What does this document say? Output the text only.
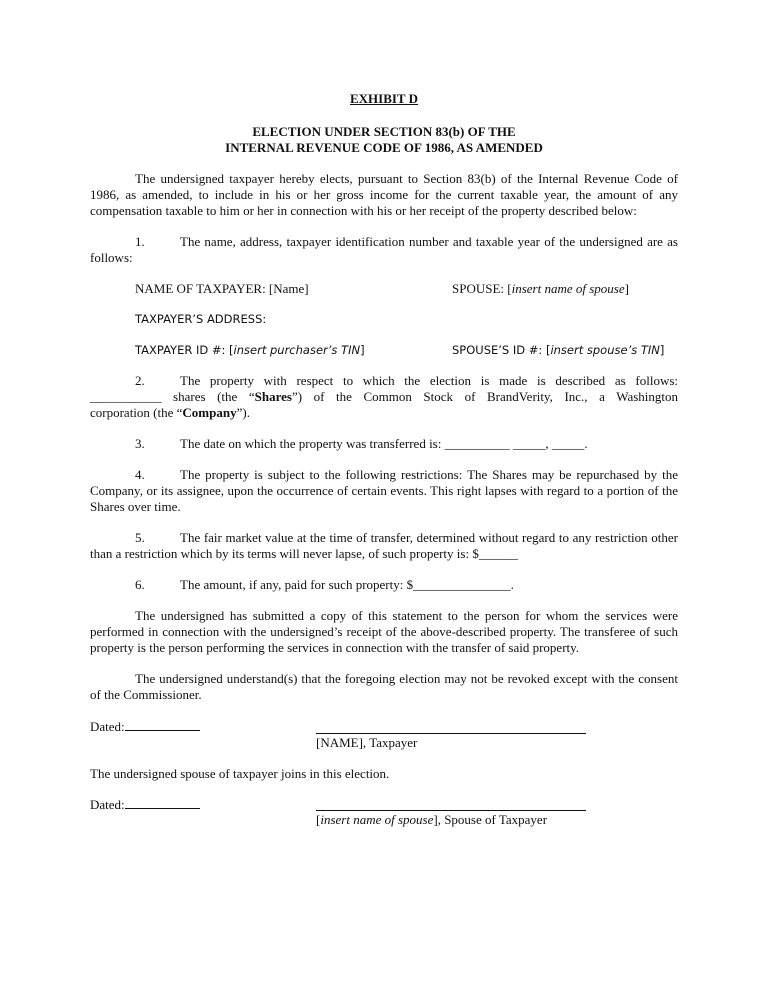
EXHIBIT D
ELECTION UNDER SECTION 83(b) OF THE
INTERNAL REVENUE CODE OF 1986, AS AMENDED
The undersigned taxpayer hereby elects, pursuant to Section 83(b) of the Internal Revenue Code of 1986, as amended, to include in his or her gross income for the current taxable year, the amount of any compensation taxable to him or her in connection with his or her receipt of the property described below:
1.	The name, address, taxpayer identification number and taxable year of the undersigned are as follows:
NAME OF TAXPAYER: [Name]	SPOUSE: [insert name of spouse]
TAXPAYER’S ADDRESS:
TAXPAYER ID #: [insert purchaser’s TIN]	SPOUSE’S ID #: [insert spouse’s TIN]
2.	The property with respect to which the election is made is described as follows:
___________ shares (the “Shares”) of the Common Stock of BrandVerity, Inc., a Washington
corporation (the “Company”).
3.	The date on which the property was transferred is: __________ _____, _____.
4.	The property is subject to the following restrictions: The Shares may be repurchased by the Company, or its assignee, upon the occurrence of certain events. This right lapses with regard to a portion of the Shares over time.
5.	The fair market value at the time of transfer, determined without regard to any restriction other than a restriction which by its terms will never lapse, of such property is: $______
6.	The amount, if any, paid for such property: $_______________.
The undersigned has submitted a copy of this statement to the person for whom the services were performed in connection with the undersigned’s receipt of the above-described property. The transferee of such property is the person performing the services in connection with the transfer of said property.
The undersigned understand(s) that the foregoing election may not be revoked except with the consent of the Commissioner.
Dated:
[NAME], Taxpayer
The undersigned spouse of taxpayer joins in this election.
Dated:
[insert name of spouse], Spouse of Taxpayer
